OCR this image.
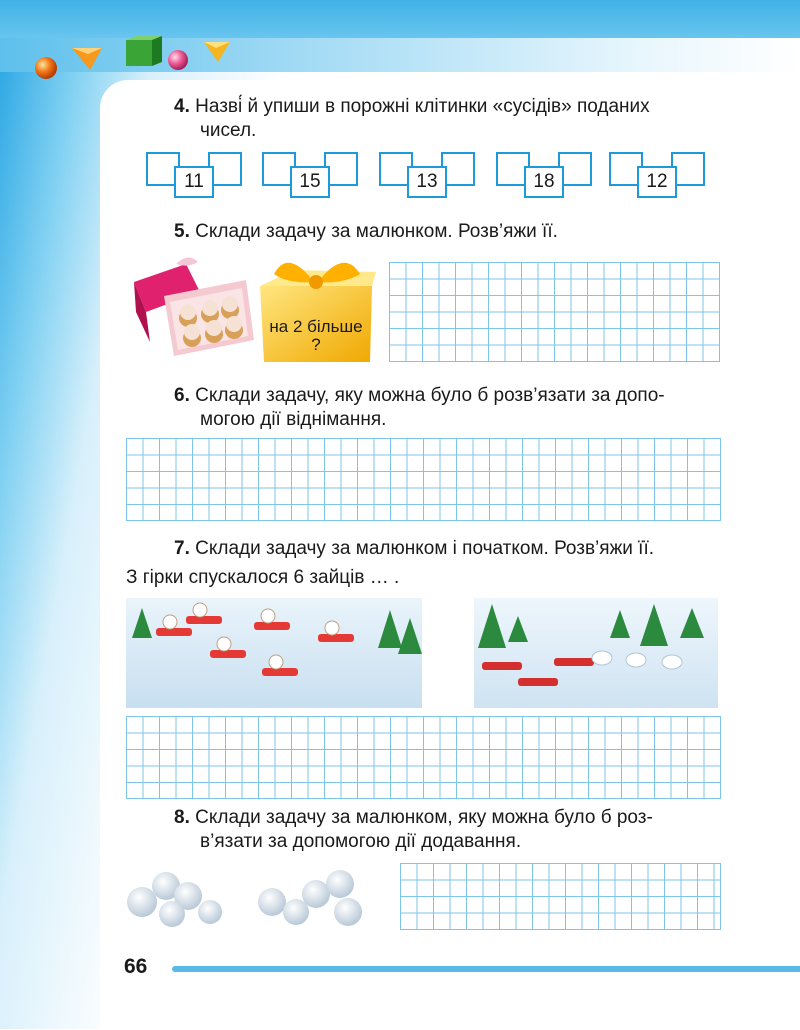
4. Назві́ й упиши в порожні клітинки «сусідів» поданих
чисел.
11	15	13	18	12
5. Склади задачу за малюнком. Розв’яжи її.
на 2 більше
?
6. Склади задачу, яку можна було б розв’язати за допо-
могою дії віднімання.
7. Склади задачу за малюнком і початком. Розв’яжи її.
З гірки спускалося 6 зайців … .
8. Склади задачу за малюнком, яку можна було б роз-
в’язати за допомогою дії додавання.
66
